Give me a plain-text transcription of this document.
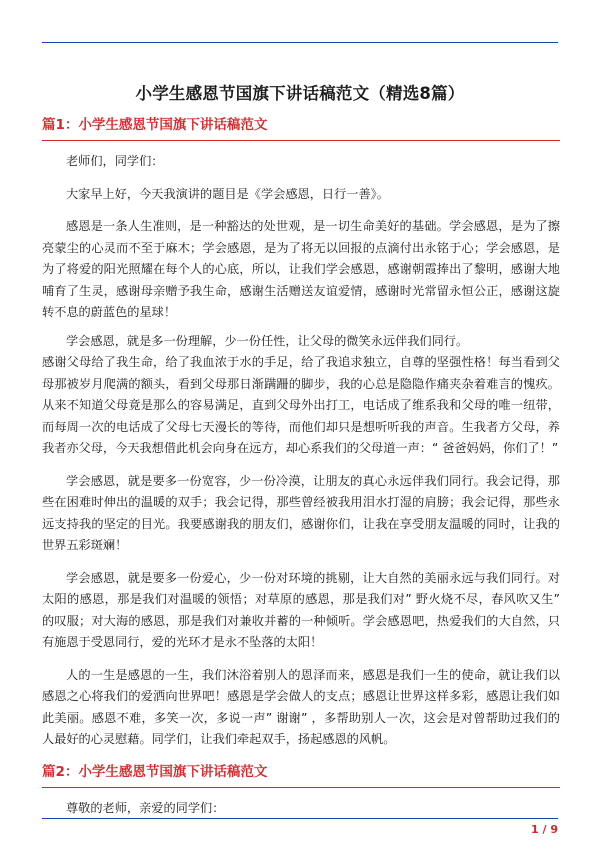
小学生感恩节国旗下讲话稿范文（精选8篇）
篇1：小学生感恩节国旗下讲话稿范文

老师们，同学们：

大家早上好，今天我演讲的题目是《学会感恩，日行一善》。

感恩是一条人生准则，是一种豁达的处世观，是一切生命美好的基础。学会感恩，是为了擦亮蒙尘的心灵而不至于麻木；学会感恩，是为了将无以回报的点滴付出永铭于心；学会感恩，是为了将爱的阳光照耀在每个人的心底，所以，让我们学会感恩，感谢朝霞捧出了黎明，感谢大地哺育了生灵，感谢母亲赠予我生命，感谢生活赠送友谊爱情，感谢时光常留永恒公正，感谢这旋转不息的蔚蓝色的星球！

学会感恩，就是多一份理解，少一份任性，让父母的微笑永远伴我们同行。

感谢父母给了我生命，给了我血浓于水的手足，给了我追求独立，自尊的坚强性格！每当看到父母那被岁月爬满的额头，看到父母那日渐蹒跚的脚步，我的心总是隐隐作痛夹杂着难言的愧疚。从来不知道父母竟是那么的容易满足，直到父母外出打工，电话成了维系我和父母的唯一纽带，而每周一次的电话成了父母七天漫长的等待，而他们却只是想听听我的声音。生我者方父母，养我者亦父母，今天我想借此机会向身在远方，却心系我们的父母道一声：“ 爸爸妈妈，你们了！”

学会感恩，就是要多一份宽容，少一份冷漠，让朋友的真心永远伴我们同行。我会记得，那些在困难时伸出的温暖的双手；我会记得，那些曾经被我用泪水打湿的肩膀；我会记得，那些永远支持我的坚定的目光。我要感谢我的朋友们，感谢你们，让我在享受朋友温暖的同时，让我的世界五彩斑斓！

学会感恩，就是要多一份爱心，少一份对环境的挑剔，让大自然的美丽永远与我们同行。对太阳的感恩，那是我们对温暖的领悟；对草原的感恩，那是我们对” 野火烧不尽，春风吹又生” 的叹服；对大海的感恩，那是我们对兼收并蓄的一种倾听。学会感恩吧，热爱我们的大自然，只有施恩于受恩同行，爱的光环才是永不坠落的太阳！

人的一生是感恩的一生，我们沐浴着别人的恩泽而来，感恩是我们一生的使命，就让我们以感恩之心将我们的爱洒向世界吧！感恩是学会做人的支点；感恩让世界这样多彩，感恩让我们如此美丽。感恩不难，多笑一次，多说一声” 谢谢” ，多帮助别人一次，这会是对曾帮助过我们的人最好的心灵慰藉。同学们，让我们牵起双手，扬起感恩的风帆。

篇2：小学生感恩节国旗下讲话稿范文

尊敬的老师，亲爱的同学们：

1 / 9
